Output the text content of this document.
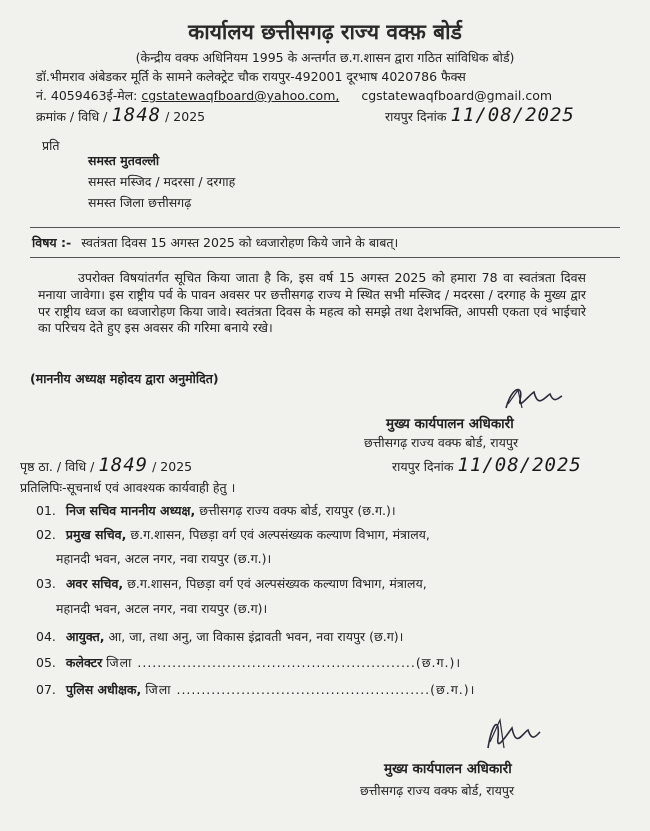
कार्यालय छत्तीसगढ़ राज्य वक्फ़ बोर्ड
(केन्द्रीय वक्फ अधिनियम 1995 के अन्तर्गत छ.ग.शासन द्वारा गठित सांविधिक बोर्ड)
डॉ.भीमराव अंबेडकर मूर्ति के सामने कलेक्ट्रेट चौक रायपुर-492001 दूरभाष 4020786 फैक्स
नं. 4059463ई-मेल: cgstatewaqfboard@yahoo.com, cgstatewaqfboard@gmail.com
क्रमांक / विधि / 1848 / 2025	रायपुर दिनांक 11/08/2025
प्रति
समस्त मुतवल्ली
समस्त मस्जिद / मदरसा / दरगाह
समस्त जिला छत्तीसगढ़
विषय :- स्वतंत्रता दिवस 15 अगस्त 2025 को ध्वजारोहण किये जाने के बाबत्।
उपरोक्त विषयांतर्गत सूचित किया जाता है कि, इस वर्ष 15 अगस्त 2025 को हमारा 78 वा स्वतंत्रता दिवस मनाया जावेगा। इस राष्ट्रीय पर्व के पावन अवसर पर छत्तीसगढ़ राज्य मे स्थित सभी मस्जिद / मदरसा / दरगाह के मुख्य द्वार पर राष्ट्रीय ध्वज का ध्वजारोहण किया जावे। स्वतंत्रता दिवस के महत्व को समझे तथा देशभक्ति, आपसी एकता एवं भाईचारे का परिचय देते हुए इस अवसर की गरिमा बनाये रखे।
(माननीय अध्यक्ष महोदय द्वारा अनुमोदित)
मुख्य कार्यपालन अधिकारी
छत्तीसगढ़ राज्य वक्फ बोर्ड, रायपुर
पृष्ठ ठा. / विधि / 1849 / 2025	रायपुर दिनांक 11/08/2025
प्रतिलिपिः-सूचनार्थ एवं आवश्यक कार्यवाही हेतु ।
01. निज सचिव माननीय अध्यक्ष, छत्तीसगढ़ राज्य वक्फ बोर्ड, रायपुर (छ.ग.)।
02. प्रमुख सचिव, छ.ग.शासन, पिछड़ा वर्ग एवं अल्पसंख्यक कल्याण विभाग, मंत्रालय,
महानदी भवन, अटल नगर, नवा रायपुर (छ.ग.)।
03. अवर सचिव, छ.ग.शासन, पिछड़ा वर्ग एवं अल्पसंख्यक कल्याण विभाग, मंत्रालय,
महानदी भवन, अटल नगर, नवा रायपुर (छ.ग)।
04. आयुक्त, आ, जा, तथा अनु, जा विकास इंद्रावती भवन, नवा रायपुर (छ.ग)।
05. कलेक्टर जिला ........................................................(छ.ग.)।
07. पुलिस अधीक्षक, जिला ...................................................(छ.ग.)।
मुख्य कार्यपालन अधिकारी
छत्तीसगढ़ राज्य वक्फ बोर्ड, रायपुर
